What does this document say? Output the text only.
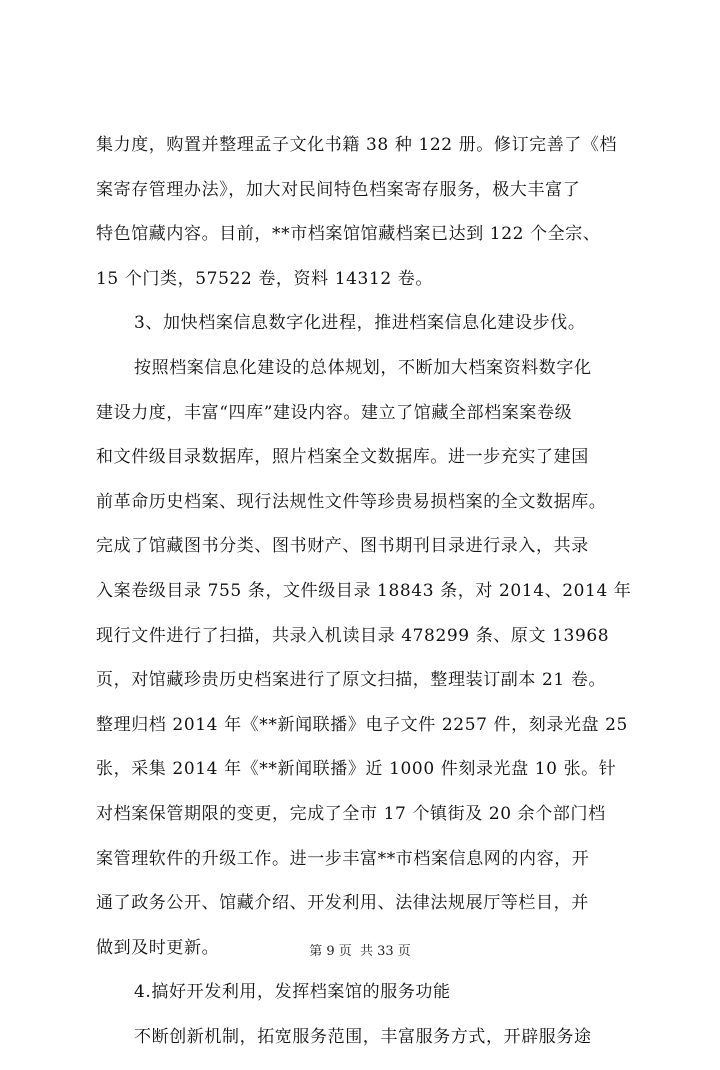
集力度，购置并整理孟子文化书籍 38 种 122 册。修订完善了《档
案寄存管理办法》，加大对民间特色档案寄存服务，极大丰富了
特色馆藏内容。目前，**市档案馆馆藏档案已达到 122 个全宗、
15 个门类，57522 卷，资料 14312 卷。
3、加快档案信息数字化进程，推进档案信息化建设步伐。
按照档案信息化建设的总体规划，不断加大档案资料数字化
建设力度，丰富“四库”建设内容。建立了馆藏全部档案案卷级
和文件级目录数据库，照片档案全文数据库。进一步充实了建国
前革命历史档案、现行法规性文件等珍贵易损档案的全文数据库。
完成了馆藏图书分类、图书财产、图书期刊目录进行录入，共录
入案卷级目录 755 条，文件级目录 18843 条，对 2014、2014 年
现行文件进行了扫描，共录入机读目录 478299 条、原文 13968
页，对馆藏珍贵历史档案进行了原文扫描，整理装订副本 21 卷。
整理归档 2014 年《**新闻联播》电子文件 2257 件，刻录光盘 25
张，采集 2014 年《**新闻联播》近 1000 件刻录光盘 10 张。针
对档案保管期限的变更，完成了全市 17 个镇街及 20 余个部门档
案管理软件的升级工作。进一步丰富**市档案信息网的内容，开
通了政务公开、馆藏介绍、开发利用、法律法规展厅等栏目，并
做到及时更新。
4.搞好开发利用，发挥档案馆的服务功能
不断创新机制，拓宽服务范围，丰富服务方式，开辟服务途
第 9 页  共 33 页
